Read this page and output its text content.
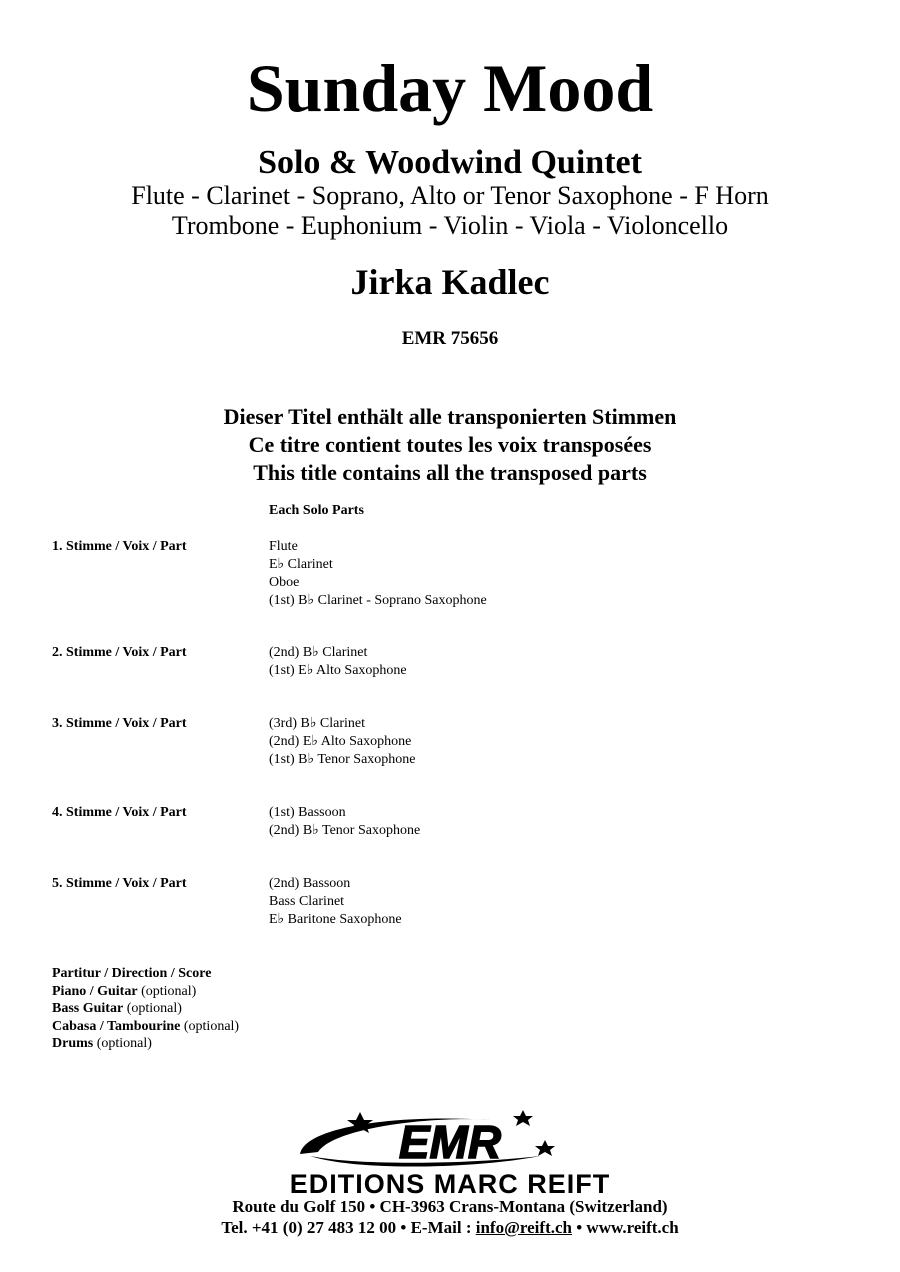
Sunday Mood
Solo & Woodwind Quintet
Flute - Clarinet - Soprano, Alto or Tenor Saxophone - F Horn
Trombone - Euphonium - Violin - Viola - Violoncello
Jirka Kadlec
EMR 75656
Dieser Titel enthält alle transponierten Stimmen
Ce titre contient toutes les voix transposées
This title contains all the transposed parts
Each Solo Parts
1. Stimme / Voix / Part	Flute
E♭ Clarinet
Oboe
(1st) B♭ Clarinet - Soprano Saxophone
2. Stimme / Voix / Part	(2nd) B♭ Clarinet
(1st) E♭ Alto Saxophone
3. Stimme / Voix / Part	(3rd) B♭ Clarinet
(2nd) E♭ Alto Saxophone
(1st) B♭ Tenor Saxophone
4. Stimme / Voix / Part	(1st) Bassoon
(2nd) B♭ Tenor Saxophone
5. Stimme / Voix / Part	(2nd) Bassoon
Bass Clarinet
E♭ Baritone Saxophone
Partitur / Direction / Score
Piano / Guitar (optional)
Bass Guitar (optional)
Cabasa / Tambourine (optional)
Drums (optional)
EMR
EDITIONS MARC REIFT
Route du Golf 150 • CH-3963 Crans-Montana (Switzerland)
Tel. +41 (0) 27 483 12 00 • E-Mail : info@reift.ch • www.reift.ch
